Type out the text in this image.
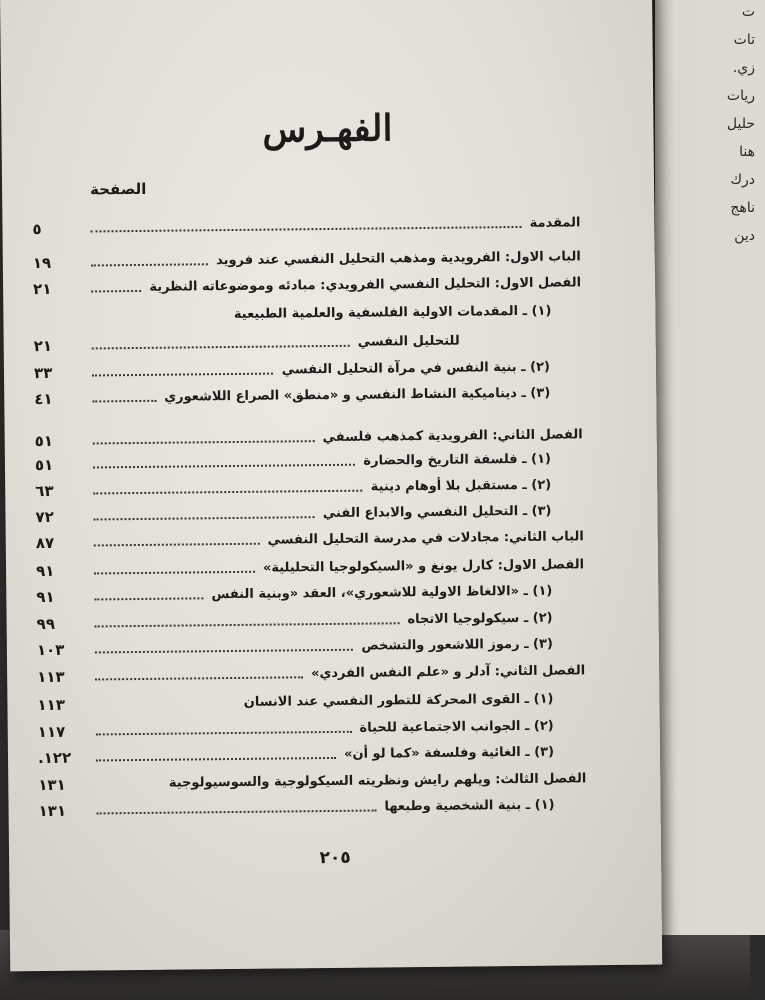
ت
تات
زي.
ريات
حليل
هنا
درك
ناهج
دين
الفهـرس
الصفحة
٥	المقدمة
١٩	الباب الاول: الفرويدية ومذهب التحليل النفسي عند فرويد
٢١	الفصل الاول: التحليل النفسي الفرويدي: مبادئه وموضوعاته النظرية
(١) ـ المقدمات الاولية الفلسفية والعلمية الطبيعية
٢١	للتحليل النفسي
٣٣	(٢) ـ بنية النفس في مرآة التحليل النفسي
٤١	(٣) ـ ديناميكية النشاط النفسي و «منطق» الصراع اللاشعوري
٥١	الفصل الثاني: الفرويدية كمذهب فلسفي
٥١	(١) ـ فلسفة التاريخ والحضارة
٦٣	(٢) ـ مستقبل بلا أوهام دينية
٧٢	(٣) ـ التحليل النفسي والابداع الفني
٨٧	الباب الثاني: مجادلات في مدرسة التحليل النفسي
٩١	الفصل الاول: كارل يونغ و «السيكولوجيا التحليلية»
٩١	(١) ـ «الالغاظ الاولية للاشعوري»، العقد «وبنية النفس
٩٩	(٢) ـ سيكولوجيا الاتجاه
١٠٣	(٣) ـ رموز اللاشعور والتشخص
١١٣	الفصل الثاني: آدلر و «علم النفس الفردي»
١١٣	(١) ـ القوى المحركة للتطور النفسي عند الانسان
١١٧	(٢) ـ الجوانب الاجتماعية للحياة
١٢٢.	(٣) ـ الغائية وفلسفة «كما لو أن»
١٣١	الفصل الثالث: ويلهم رايش ونظريته السيكولوجية والسوسيولوجية
١٣١	(١) ـ بنية الشخصية وطبعها
٢٠٥
